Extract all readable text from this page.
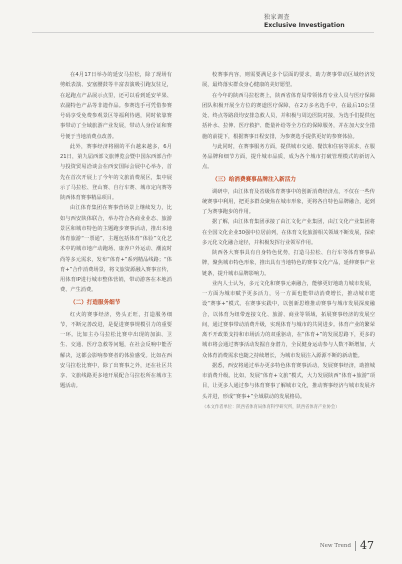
独家调查
Exclusive Investigation

在4月17日举办的延安马拉松，除了现场有剪纸表演、安塞腰鼓等丰富表演吸引跑友驻足，在起跑点产品展示点里，还可以看到延安苹果、农副特色产品等非遗作品。参赛选手可凭借参赛号码享受免费参观景区等福利待遇，同时依靠赛事带动了全域旅游产业发展，带动人身份证和赛号便于当地消费点改善。

此外，赛事经济将圈的平台越来越多，6月21日，第九届西部文旅博览会暨中国东西部合作与投资贸易洽谈会在西安国际会展中心举办，首先在首次开展上了今年的文旅消费展区，集中展示了马拉松、登山赛、自行车赛、城市定向赛等陕西体育赛事精品项目。

由江体育集团在赛事营场景上继续发力，比如与西安陕体联合，举办符合各商业业态、旅游景区和城市特色的主题跑步赛事活动，推出本地体育旅游“一票通”，主题包括体育“体验”文化艺术中的城市地产动跑场、康养户外运动、潮流时尚等多元需求，发布“体育+”系列精品线路；“体育+”合作消费场景，将文旅资源融入赛事宣传，用体育IP进行城市整体营销，带动游客在本地消费、产生消费。

（二）打造服务细节

红火的赛事经济，势头正旺，打造服务细节，不断完善改进，是促进赛事规模引力的重要一环。比如主办马拉松比赛中出现的加油、卫生、交通、医疗急救等问题，在社会反响中能否解决，这都会影响参赛者的体验感受。比如在西安马拉松比赛中，除了出赛事之外，还在社区共享、文旅线路更多地开展配合马拉松所在城市主题活动。

校赛事内容，则需要满足多个层面的要求，助力赛事带动区域经济发展，最终落实群众身心健康的美好愿望。

在今年的陕西马拉松赛上，陕西省体育局带领体育专业人员与医疗保障团队积极开展全方位的赛道医疗保障，在2万多名选手中，在最后10公里处、终点等路段均安排急救人员，并积极与周边医院对接，为选手们提供包括补水、拉伸、医疗救护、能量补给等全方位的保障服务，并在加大安全措施的前提下，根据赛事日程安排，为参赛选手提供更好的参赛体验。

与此同时，在赛事服务方面，提供城市交通、餐饮和住宿等需求，在服务品牌和细节方面，提升城市品质，成为各个城市打破管理模式的新切入点。

（三）给消费赛事品牌注入新活力

调研中，由江体育及省级体育赛事中的创新消费经济点，不仅在一些传统赛事中利用，把更多群众聚焦在城市形象，更将各自特色品牌融合，起到了为赛事跑步的作用。

据了解，由江体育集团承接了由江文化产业集团，由江文化产业集团将在全国文化企业30强中位居前列，在体育文化旅游相关领域不断发展，探索多元化文化融合途径，并积极发挥行业领军作用。

陕西各大赛事具有自身特色优势，打造马拉松、自行车等体育赛事品牌，聚焦城市特色形象，推出具有当地特色的赛事文化产品，延伸赛事产业链条，提升城市品牌影响力。

业内人士认为，多元文化和赛事元素融合，能够更好地助力城市发展，一方面为城市赋予更多活力，另一方面也能带动消费增长，推动城市建设“赛事+”模式。在赛事实践中，以创新思维推动赛事与城市发展深度融合，以体育为纽带连接文化、旅游、商业等领域，拓展赛事经济的发展空间，通过赛事带动消费升级，实现体育与城市的共同进步。体育产业的繁荣离不开政策支持和市场活力的双重驱动，在“体育+”的发展思路下，更多的城市将会通过赛事活动发掘自身潜力，全民健身运动参与人数不断增加，大众体育消费需求也随之持续增长，为城市发展注入源源不断的新动能。

据悉，西安将通过举办更多特色体育赛事活动，发展赛事经济，助推城市消费升级。比如，发展“体育+文旅”模式，大力发展陕西“体育+旅游”项目，让更多人通过参与体育赛事了解城市文化，推动赛事经济与城市发展齐头并进，形成“赛事+”全域联动的发展格局。

（本文作者单位：陕西省体育局体育科学研究所，陕西省体育产业协会）
New Trend 47
